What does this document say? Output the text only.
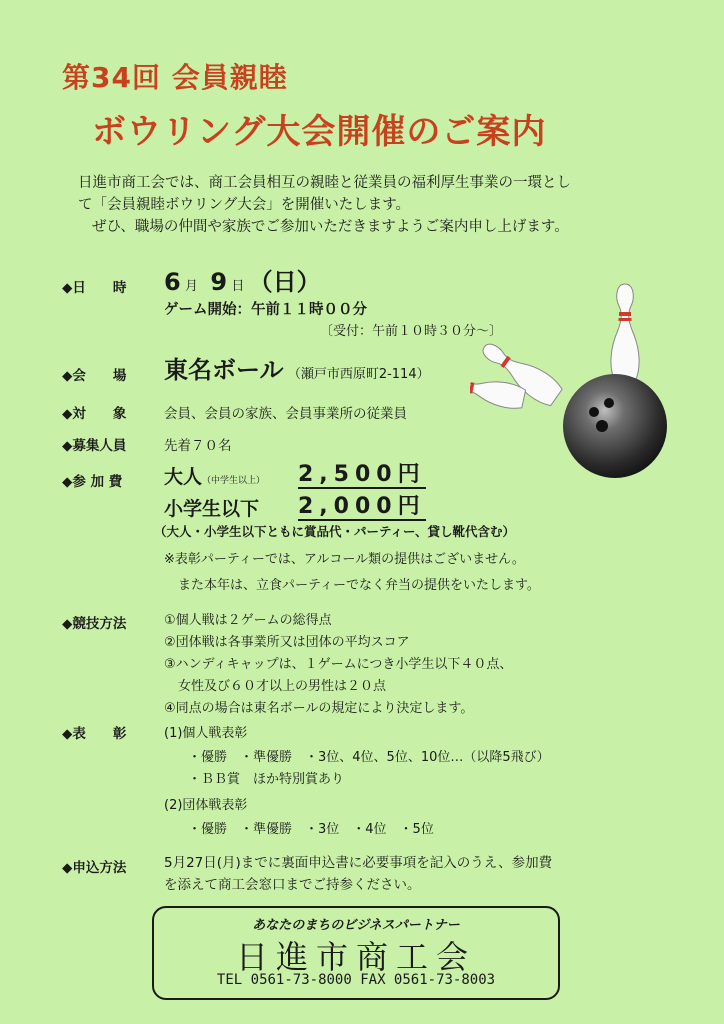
第34回 会員親睦
ボウリング大会開催のご案内
日進市商工会では、商工会員相互の親睦と従業員の福利厚生事業の一環とし
て「会員親睦ボウリング大会」を開催いたします。
ぜひ、職場の仲間や家族でご参加いただきますようご案内申し上げます。
◆日　　時 6 月 9 日 （日）
ゲーム開始：午前１１時００分
〔受付：午前１０時３０分～〕
◆会　　場 東名ボール （瀬戸市西原町2-114）
◆対　　象	会員、会員の家族、会員事業所の従業員
◆募集人員	先着７０名
◆参 加 費 大人（中学生以上） 2,500円
小学生以下 2,000円
（大人・小学生以下ともに賞品代・パーティー、貸し靴代含む）
※表彰パーティーでは、アルコール類の提供はございません。
また本年は、立食パーティーでなく弁当の提供をいたします。
◆競技方法	①個人戦は２ゲームの総得点
②団体戦は各事業所又は団体の平均スコア
③ハンディキャップは、１ゲームにつき小学生以下４０点、
女性及び６０才以上の男性は２０点
④同点の場合は東名ボールの規定により決定します。
◆表　　彰	(1)個人戦表彰
・優勝　・準優勝　・3位、4位、5位、10位…（以降5飛び）
・ＢＢ賞　ほか特別賞あり
(2)団体戦表彰
・優勝　・準優勝　・3位　・4位　・5位
◆申込方法	5月27日(月)までに裏面申込書に必要事項を記入のうえ、参加費
を添えて商工会窓口までご持参ください。
あなたのまちのビジネスパートナー
日進市商工会
TEL 0561-73-8000 FAX 0561-73-8003
